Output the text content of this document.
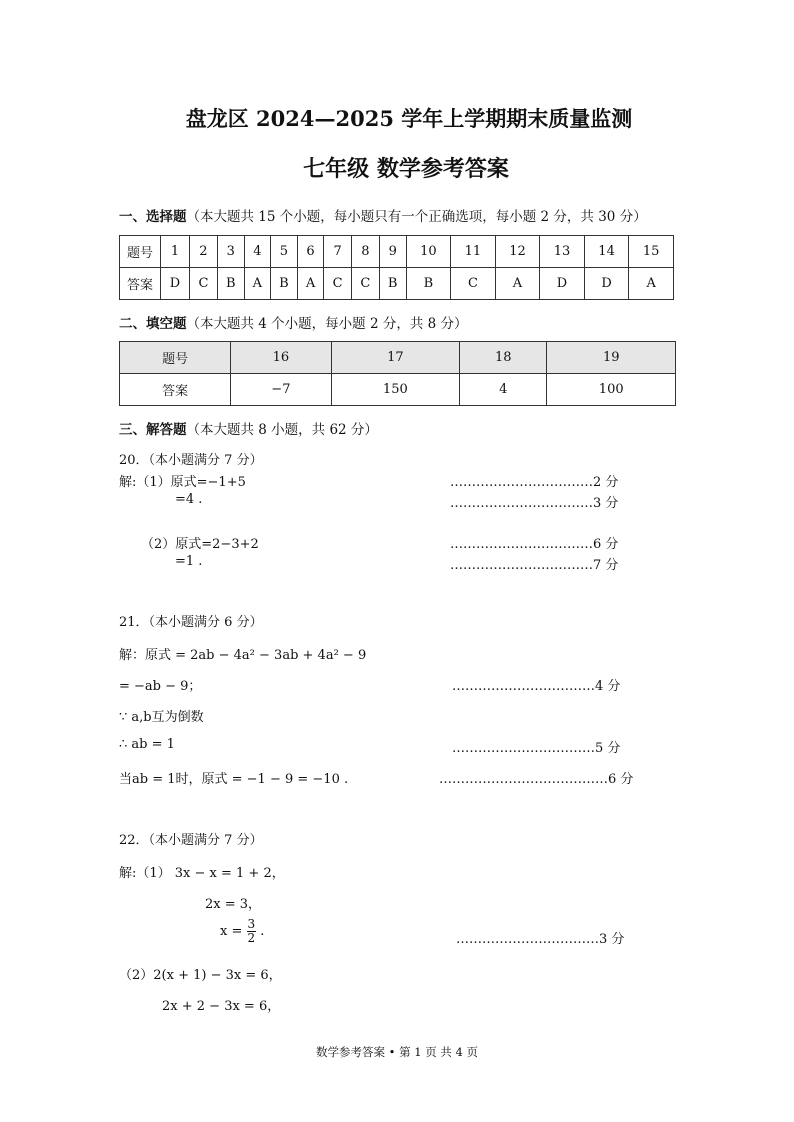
盘龙区 2024—2025 学年上学期期末质量监测
七年级 数学参考答案
一、选择题（本大题共 15 个小题，每小题只有一个正确选项，每小题 2 分，共 30 分）
题号	1	2	3	4	5	6	7	8	9	10	11	12	13	14	15
答案	D	C	B	A	B	A	C	C	B	B	C	A	D	D	A
二、填空题（本大题共 4 个小题，每小题 2 分，共 8 分）
题号	16	17	18	19
答案	−7	150	4	100
三、解答题（本大题共 8 小题，共 62 分）
20．（本小题满分 7 分）
解:（1）原式=−1+5	……………………………2 分
=4 .	……………………………3 分
（2）原式=2−3+2	……………………………6 分
=1 .	……………………………7 分
21．（本小题满分 6 分）
解：原式 = 2ab − 4a² − 3ab + 4a² − 9
= −ab − 9；	……………………………4 分
∵ a,b互为倒数
∴ ab = 1	……………………………5 分
当ab = 1时，原式 = −1 − 9 = −10 .	…………………………………6 分
22．（本小题满分 7 分）
解:（1） 3x − x = 1 + 2，
2x = 3，
$x = \frac{3}{2}$ .
……………………………3 分
（2）2(x + 1) − 3x = 6，
2x + 2 − 3x = 6，
数学参考答案 • 第 1 页 共 4 页
